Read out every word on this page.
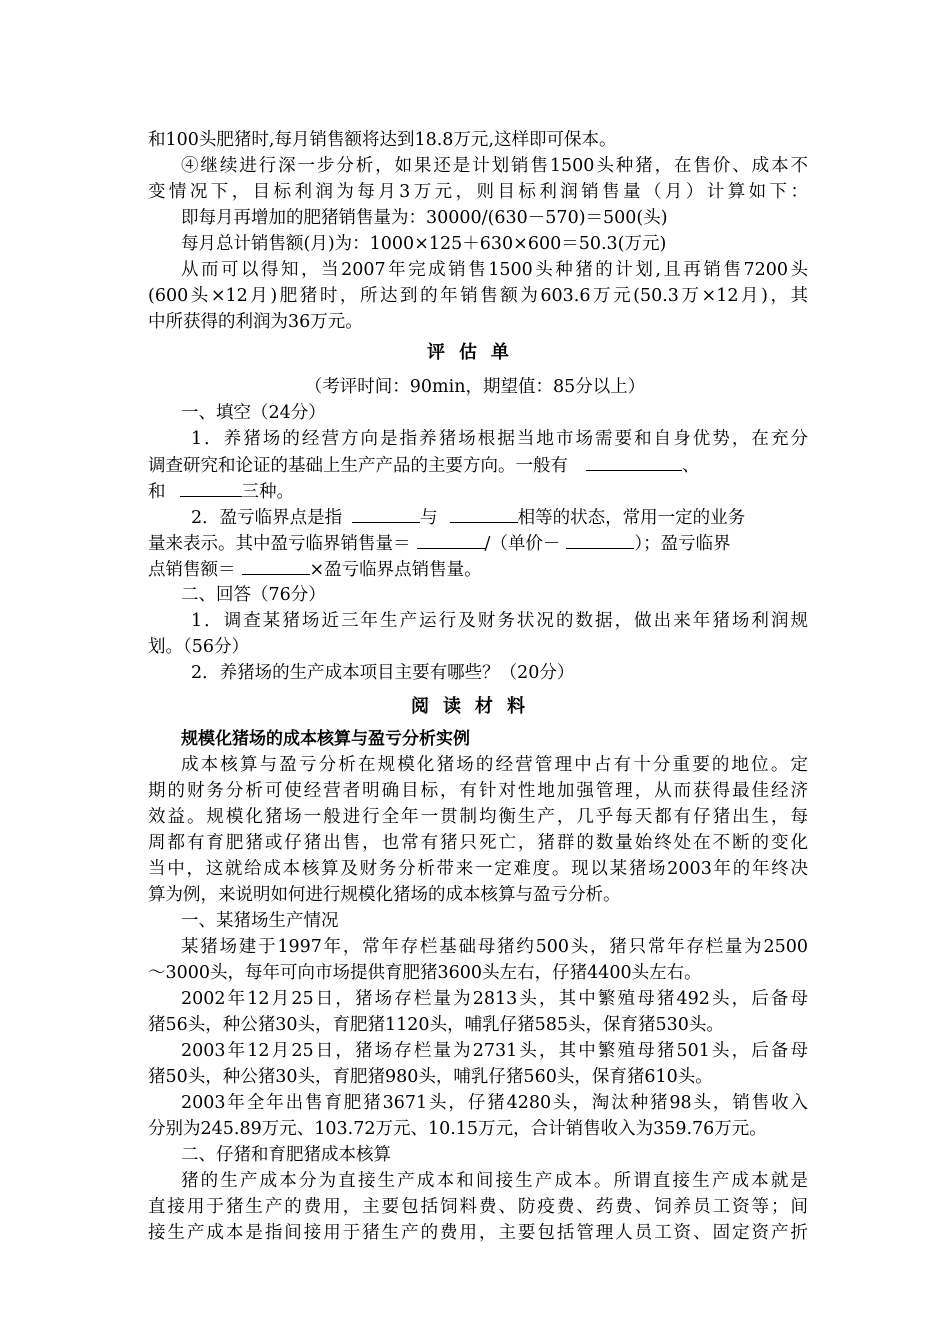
和100头肥猪时,每月销售额将达到18.8万元,这样即可保本。
④继续进行深一步分析，如果还是计划销售1500头种猪，在售价、成本不
变情况下，目标利润为每月3万元，则目标利润销售量（月）计算如下：
即每月再增加的肥猪销售量为：30000/(630－570)＝500(头)
每月总计销售额(月)为：1000×125＋630×600＝50.3(万元)
从而可以得知，当2007年完成销售1500头种猪的计划,且再销售7200头
(600头×12月)肥猪时，所达到的年销售额为603.6万元(50.3万×12月)，其
中所获得的利润为36万元。
评估单
（考评时间：90min，期望值：85分以上）
一、填空（24分）
1．养猪场的经营方向是指养猪场根据当地市场需要和自身优势，在充分
调查研究和论证的基础上生产产品的主要方向。一般有	、
和	三种。
2．盈亏临界点是指	与	相等的状态，常用一定的业务
量来表示。其中盈亏临界销售量＝	/（单价－	）；盈亏临界
点销售额＝	×盈亏临界点销售量。
二、回答（76分）
1．调查某猪场近三年生产运行及财务状况的数据，做出来年猪场利润规
划。（56分）
2．养猪场的生产成本项目主要有哪些？（20分）
阅读材料
规模化猪场的成本核算与盈亏分析实例
成本核算与盈亏分析在规模化猪场的经营管理中占有十分重要的地位。定
期的财务分析可使经营者明确目标，有针对性地加强管理，从而获得最佳经济
效益。规模化猪场一般进行全年一贯制均衡生产，几乎每天都有仔猪出生，每
周都有育肥猪或仔猪出售，也常有猪只死亡，猪群的数量始终处在不断的变化
当中，这就给成本核算及财务分析带来一定难度。现以某猪场2003年的年终决
算为例，来说明如何进行规模化猪场的成本核算与盈亏分析。
一、某猪场生产情况
某猪场建于1997年，常年存栏基础母猪约500头，猪只常年存栏量为2500
～3000头，每年可向市场提供育肥猪3600头左右，仔猪4400头左右。
2002年12月25日，猪场存栏量为2813头，其中繁殖母猪492头，后备母
猪56头，种公猪30头，育肥猪1120头，哺乳仔猪585头，保育猪530头。
2003年12月25日，猪场存栏量为2731头，其中繁殖母猪501头，后备母
猪50头，种公猪30头，育肥猪980头，哺乳仔猪560头，保育猪610头。
2003年全年出售育肥猪3671头，仔猪4280头，淘汰种猪98头，销售收入
分别为245.89万元、103.72万元、10.15万元，合计销售收入为359.76万元。
二、仔猪和育肥猪成本核算
猪的生产成本分为直接生产成本和间接生产成本。所谓直接生产成本就是
直接用于猪生产的费用，主要包括饲料费、防疫费、药费、饲养员工资等；间
接生产成本是指间接用于猪生产的费用，主要包括管理人员工资、固定资产折
